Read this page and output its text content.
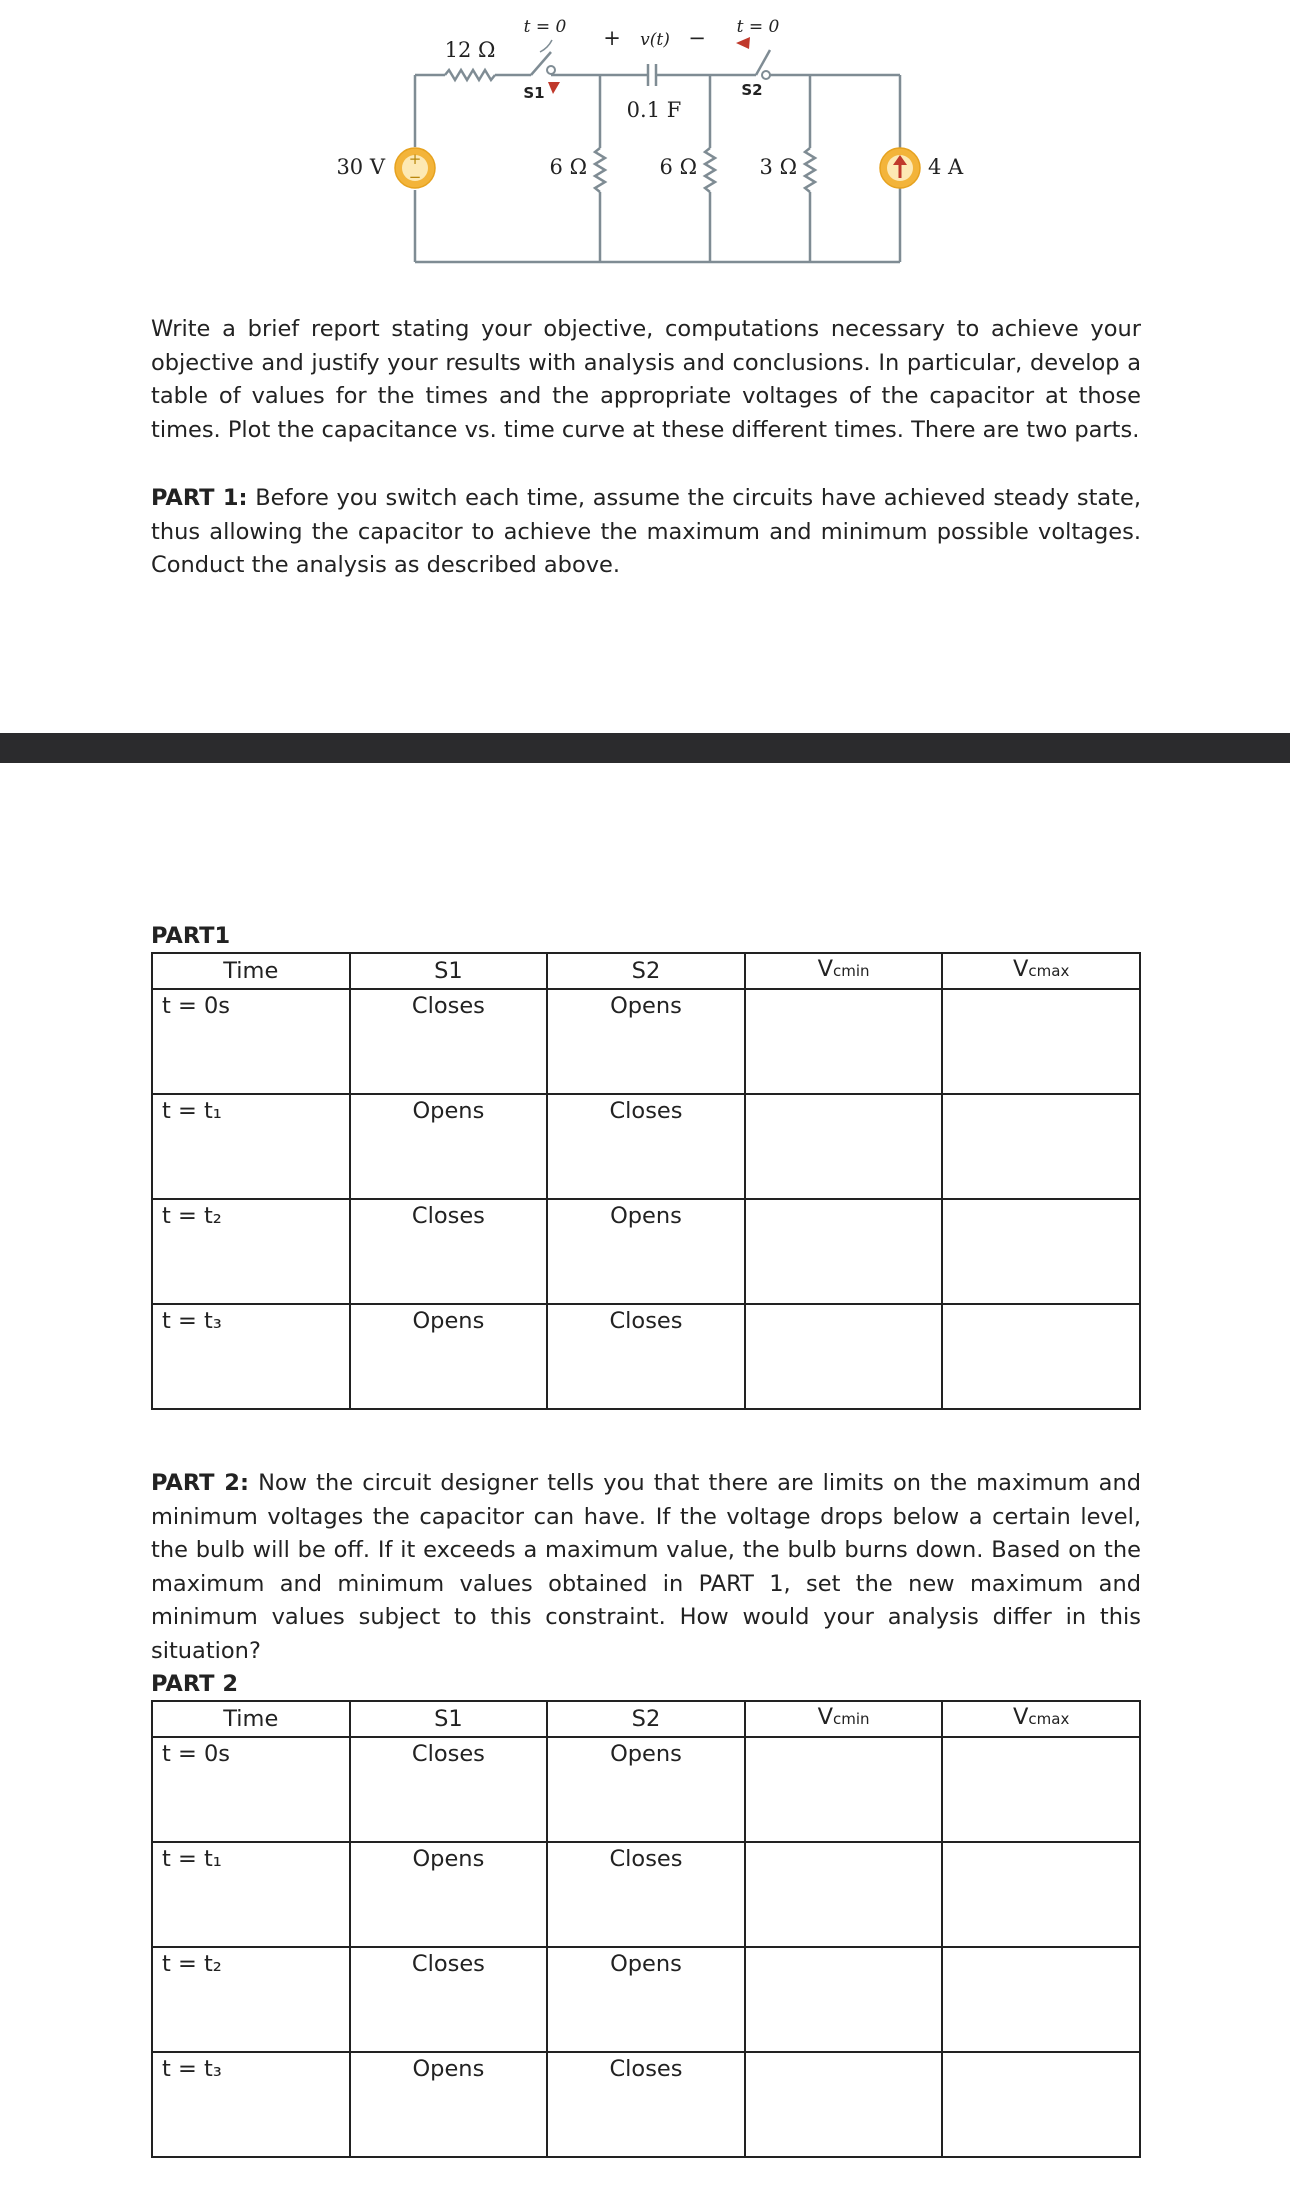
+
−
12 Ω
t = 0
S1
+ v(t) − t = 0
S2
0.1 F
30 V	6 Ω	6 Ω	3 Ω	4 A

Write a brief report stating your objective, computations necessary to achieve your objective and justify your results with analysis and conclusions. In particular, develop a table of values for the times and the appropriate voltages of the capacitor at those times. Plot the capacitance vs. time curve at these different times. There are two parts.

PART 1: Before you switch each time, assume the circuits have achieved steady state, thus allowing the capacitor to achieve the maximum and minimum possible voltages. Conduct the analysis as described above.

PART1
Time	S1	S2	Vcmin	Vcmax
t = 0s	Closes	Opens		
t = t₁	Opens	Closes		
t = t₂	Closes	Opens		
t = t₃	Opens	Closes		

PART 2: Now the circuit designer tells you that there are limits on the maximum and minimum voltages the capacitor can have. If the voltage drops below a certain level, the bulb will be off. If it exceeds a maximum value, the bulb burns down. Based on the maximum and minimum values obtained in PART 1, set the new maximum and minimum values subject to this constraint. How would your analysis differ in this situation?

PART 2
Time	S1	S2	Vcmin	Vcmax
t = 0s	Closes	Opens		
t = t₁	Opens	Closes		
t = t₂	Closes	Opens		
t = t₃	Opens	Closes		
